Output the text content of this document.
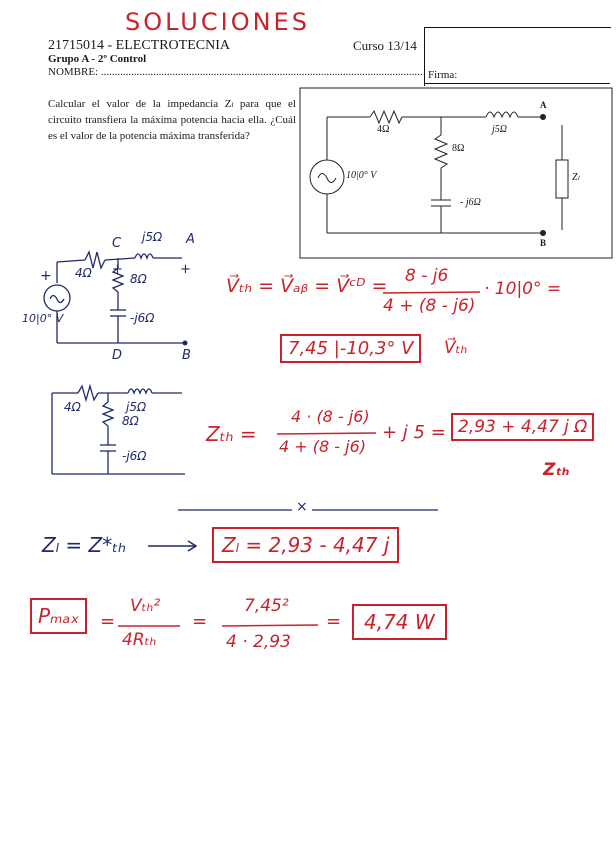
SOLUCIONES
21715014 - ELECTROTECNIA
Grupo A - 2º Control
NOMBRE: .....................................................................................................................
Curso 13/14
Firma:
Calcular el valor de la impedancia Zₗ para que el circuito transfiera la máxima potencia hacia ella. ¿Cuál es el valor de la potencia máxima transferida?
4Ω	j5Ω
8Ω
- j6Ω
10|0° V	Zₗ
A
B
4Ω
j5Ω
8Ω
-j6Ω
10|0° V
C	A
D	B
+	+	+
4Ω	j5Ω
8Ω
-j6Ω
V⃗ₜₕ = V⃗ₐᵦ = V⃗ᶜᴰ = 8 - j6
4 + (8 - j6)
· 10|0° =
7,45 |-10,3° V	V⃗ₜₕ
Zₜₕ =
4 · (8 - j6)
4 + (8 - j6)
+ j 5 = 2,93 + 4,47 j Ω
Zₜₕ
×
Zₗ = Z*ₜₕ	Zₗ = 2,93 - 4,47 j
Pₘₐₓ	=
Vₜₕ²
4Rₜₕ
=
7,45²
4 · 2,93
=	4,74 W
